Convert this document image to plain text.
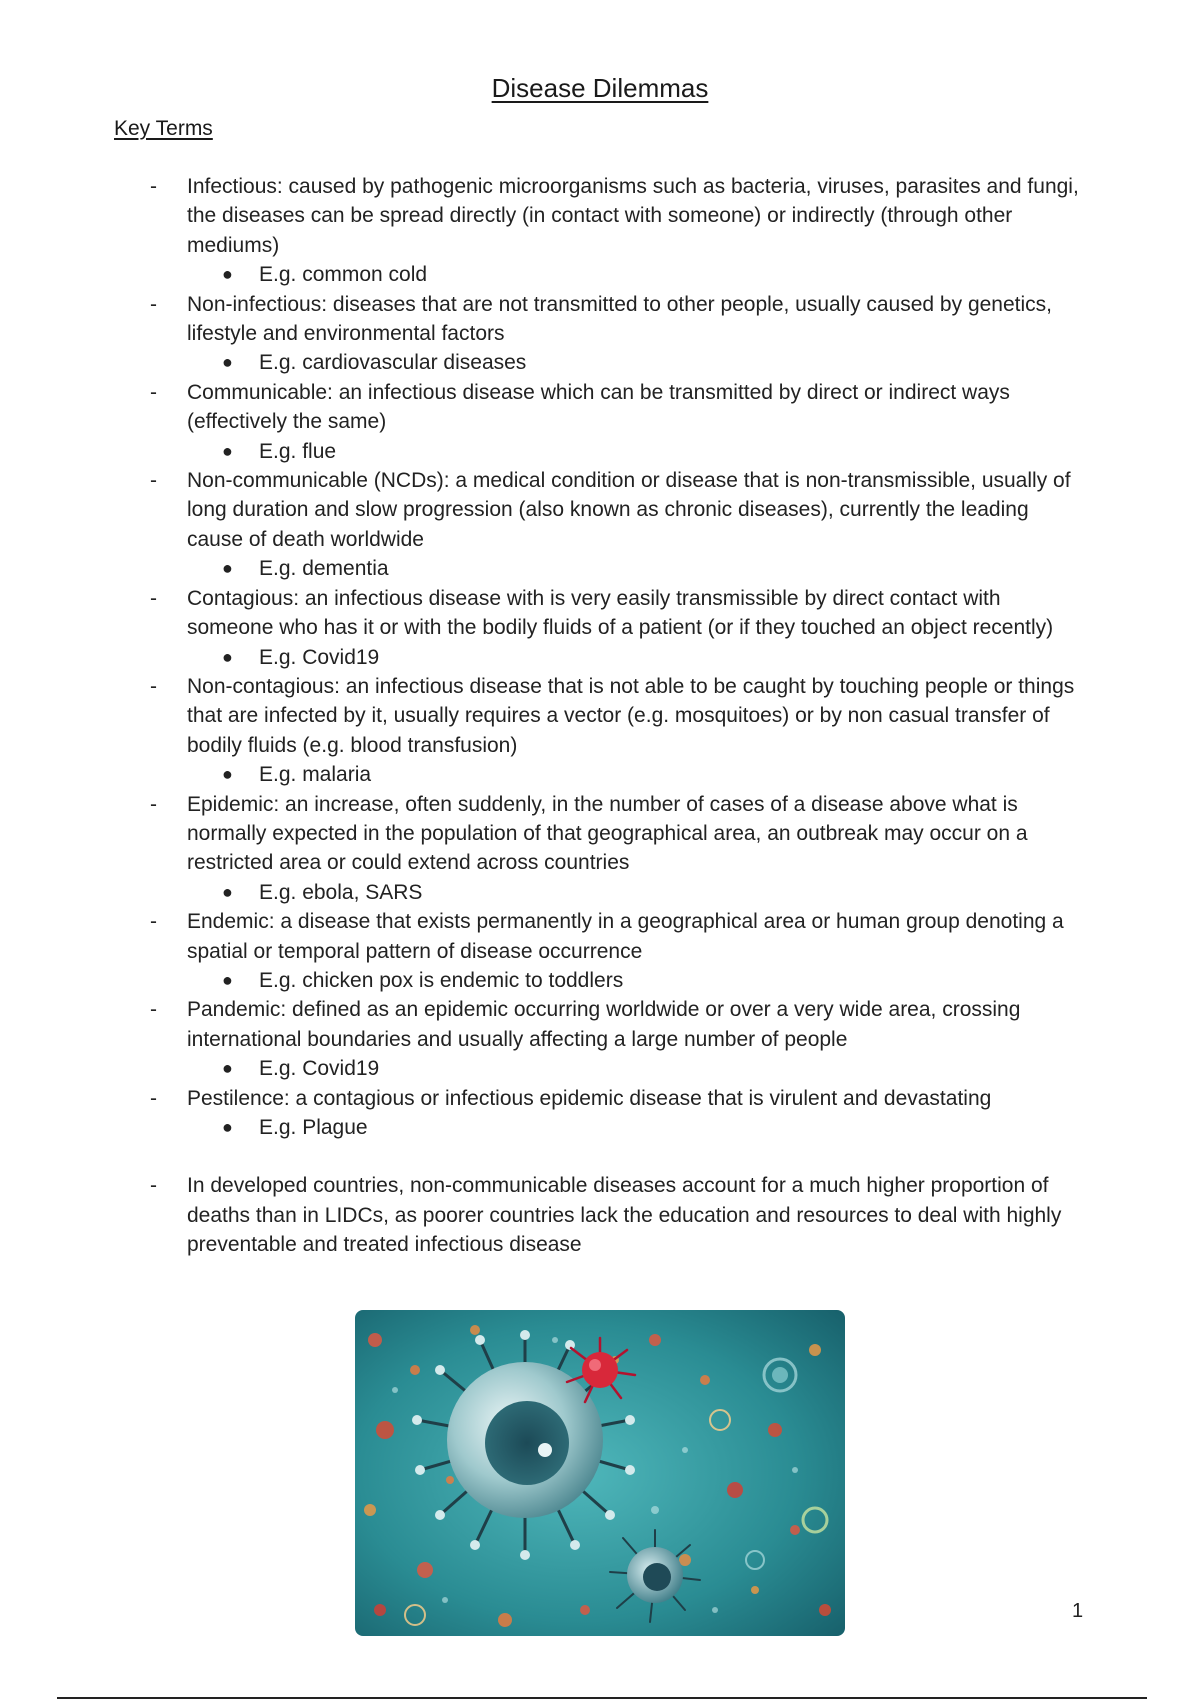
Disease Dilemmas
Key Terms
- Infectious: caused by pathogenic microorganisms such as bacteria, viruses, parasites and fungi, the diseases can be spread directly (in contact with someone) or indirectly (through other mediums)
● E.g. common cold
- Non-infectious: diseases that are not transmitted to other people, usually caused by genetics, lifestyle and environmental factors
● E.g. cardiovascular diseases
- Communicable: an infectious disease which can be transmitted by direct or indirect ways (effectively the same)
● E.g. flue
- Non-communicable (NCDs): a medical condition or disease that is non-transmissible, usually of long duration and slow progression (also known as chronic diseases), currently the leading cause of death worldwide
● E.g. dementia
- Contagious: an infectious disease with is very easily transmissible by direct contact with someone who has it or with the bodily fluids of a patient (or if they touched an object recently)
● E.g. Covid19
- Non-contagious: an infectious disease that is not able to be caught by touching people or things that are infected by it, usually requires a vector (e.g. mosquitoes) or by non casual transfer of bodily fluids (e.g. blood transfusion)
● E.g. malaria
- Epidemic: an increase, often suddenly, in the number of cases of a disease above what is normally expected in the population of that geographical area, an outbreak may occur on a restricted area or could extend across countries
● E.g. ebola, SARS
- Endemic: a disease that exists permanently in a geographical area or human group denoting a spatial or temporal pattern of disease occurrence
● E.g. chicken pox is endemic to toddlers
- Pandemic: defined as an epidemic occurring worldwide or over a very wide area, crossing international boundaries and usually affecting a large number of people
● E.g. Covid19
- Pestilence: a contagious or infectious epidemic disease that is virulent and devastating
● E.g. Plague
- In developed countries, non-communicable diseases account for a much higher proportion of deaths than in LIDCs, as poorer countries lack the education and resources to deal with highly preventable and treated infectious disease
1
